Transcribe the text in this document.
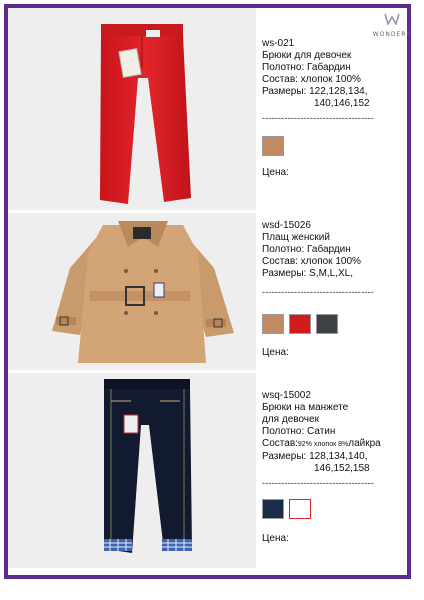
WONDERS
ws-021
Брюки для девочек
Полотно: Габардин
Состав: хлопок 100%
Размеры: 122,128,134,
140,146,152
-----------------------------------
Цена:
wsd-15026
Плащ женский
Полотно: Габардин
Состав: хлопок 100%
Размеры: S,M,L,XL,
-----------------------------------
Цена:
wsq-15002
Брюки на манжете
для девочек
Полотно: Сатин
Состав:92% хлопок 8%лайкра
Размеры: 128,134,140,
146,152,158
-----------------------------------
Цена:
